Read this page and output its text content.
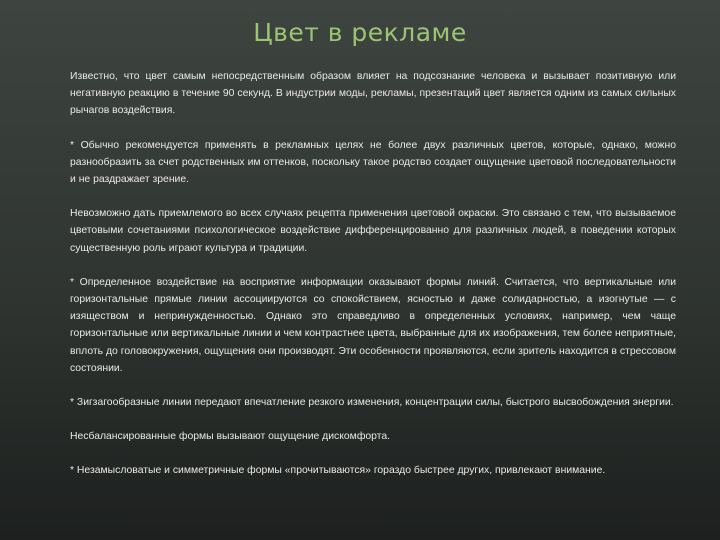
Цвет в рекламе

Известно, что цвет самым непосредственным образом влияет на подсознание человека и вызывает позитивную или негативную реакцию в течение 90 секунд. В индустрии моды, рекламы, презентаций цвет является одним из самых сильных рычагов воздействия.

* Обычно рекомендуется применять в рекламных целях не более двух различных цветов, которые, однако, можно разнообразить за счет родственных им оттенков, поскольку такое родство создает ощущение цветовой последовательности и не раздражает зрение.

Невозможно дать приемлемого во всех случаях рецепта применения цветовой окраски. Это связано с тем, что вызываемое цветовыми сочетаниями психологическое воздействие дифференцированно для различных людей, в поведении которых существенную роль играют культура и традиции.

* Определенное воздействие на восприятие информации оказывают формы линий. Считается, что вертикальные или горизонтальные прямые линии ассоциируются со спокойствием, ясностью и даже солидарностью, а изогнутые — с изяществом и непринужденностью. Однако это справедливо в определенных условиях, например, чем чаще горизонтальные или вертикальные линии и чем контрастнее цвета, выбранные для их изображения, тем более неприятные, вплоть до головокружения, ощущения они производят. Эти особенности проявляются, если зритель находится в стрессовом состоянии.

* Зигзагообразные линии передают впечатление резкого изменения, концентрации силы, быстрого высвобождения энергии.

Несбалансированные формы вызывают ощущение дискомфорта.

* Незамысловатые и симметричные формы «прочитываются» гораздо быстрее других, привлекают внимание.
